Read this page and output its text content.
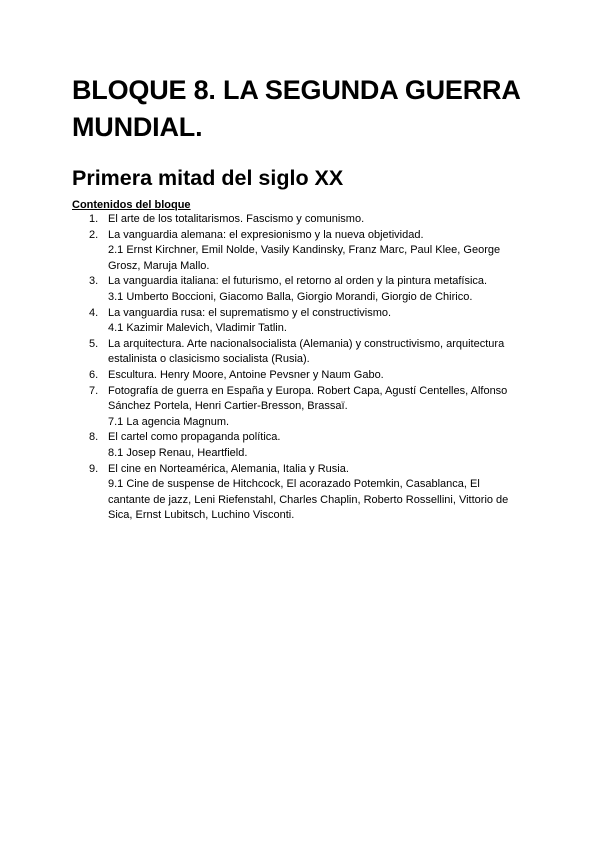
BLOQUE 8. LA SEGUNDA GUERRA
MUNDIAL.
Primera mitad del siglo XX

Contenidos del bloque

1. El arte de los totalitarismos. Fascismo y comunismo.
2. La vanguardia alemana: el expresionismo y la nueva objetividad.
2.1 Ernst Kirchner, Emil Nolde, Vasily Kandinsky, Franz Marc, Paul Klee, George
Grosz, Maruja Mallo.
3. La vanguardia italiana: el futurismo, el retorno al orden y la pintura metafísica.
3.1 Umberto Boccioni, Giacomo Balla, Giorgio Morandi, Giorgio de Chirico.
4. La vanguardia rusa: el suprematismo y el constructivismo.
4.1 Kazimir Malevich, Vladimir Tatlin.
5. La arquitectura. Arte nacionalsocialista (Alemania) y constructivismo, arquitectura
estalinista o clasicismo socialista (Rusia).
6. Escultura. Henry Moore, Antoine Pevsner y Naum Gabo.
7. Fotografía de guerra en España y Europa. Robert Capa, Agustí Centelles, Alfonso
Sánchez Portela, Henri Cartier-Bresson, Brassaï.
7.1 La agencia Magnum.
8. El cartel como propaganda política.
8.1 Josep Renau, Heartfield.
9. El cine en Norteamérica, Alemania, Italia y Rusia.
9.1 Cine de suspense de Hitchcock, El acorazado Potemkin, Casablanca, El
cantante de jazz, Leni Riefenstahl, Charles Chaplin, Roberto Rossellini, Vittorio de
Sica, Ernst Lubitsch, Luchino Visconti.
